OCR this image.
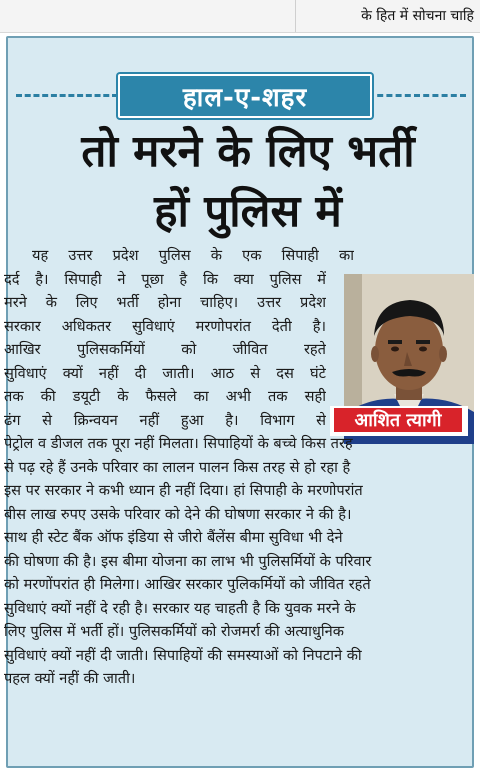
के हित में सोचना चाहि
हाल-ए-शहर
तो मरने के लिए भर्ती
हों पुलिस में
आशित त्यागी
यह उत्तर प्रदेश पुलिस के एक सिपाही का
दर्द है। सिपाही ने पूछा है कि क्या पुलिस में
मरने के लिए भर्ती होना चाहिए। उत्तर प्रदेश
सरकार अधिकतर सुविधाएं मरणोपरांत देती है।
आखिर पुलिसकर्मियों को जीवित रहते
सुविधाएं क्यों नहीं दी जाती। आठ से दस घंटे
तक की डयूटी के फैसले का अभी तक सही
ढंग से क्रिन्वयन नहीं हुआ है। विभाग से
पेट्रोल व डीजल तक पूरा नहीं मिलता। सिपाहियों के बच्चे किस तरह
से पढ़ रहे हैं उनके परिवार का लालन पालन किस तरह से हो रहा है
इस पर सरकार ने कभी ध्यान ही नहीं दिया। हां सिपाही के मरणोपरांत
बीस लाख रुपए उसके परिवार को देने की घोषणा सरकार ने की है।
साथ ही स्टेट बैंक ऑफ इंडिया से जीरो बैंलेंस बीमा सुविधा भी देने
की घोषणा की है। इस बीमा योजना का लाभ भी पुलिसर्मियों के परिवार
को मरणोंपरांत ही मिलेगा। आखिर सरकार पुलिकर्मियों को जीवित रहते
सुविधाएं क्यों नहीं दे रही है। सरकार यह चाहती है कि युवक मरने के
लिए पुलिस में भर्ती हों। पुलिसकर्मियों को रोजमर्रा की अत्याधुनिक
सुविधाएं क्यों नहीं दी जाती। सिपाहियों की समस्याओं को निपटाने की
पहल क्यों नहीं की जाती।
